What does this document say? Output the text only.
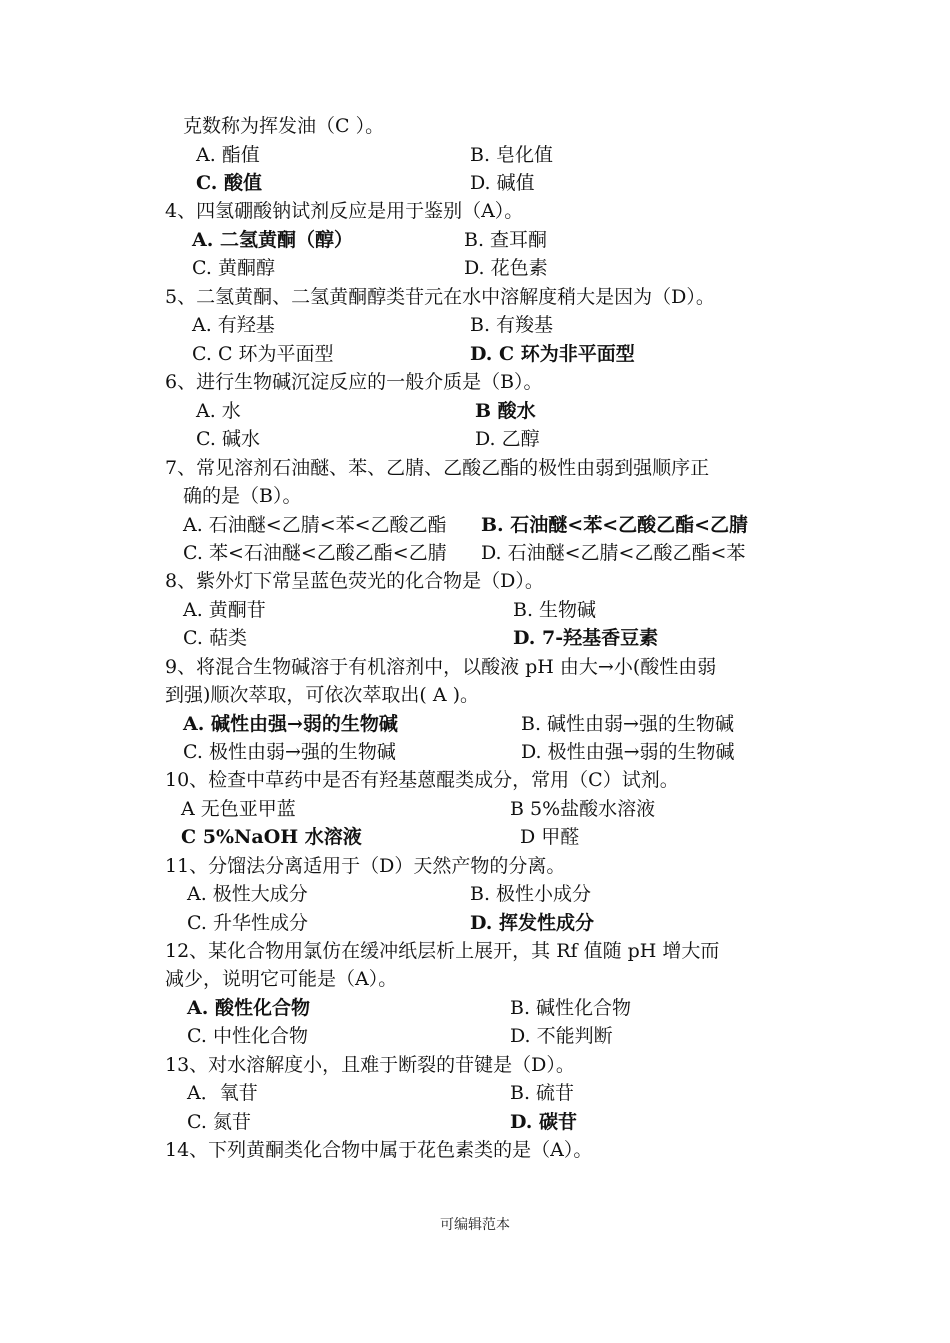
克数称为挥发油（C ）。
A. 酯值	B. 皂化值
C. 酸值	D. 碱值
4、四氢硼酸钠试剂反应是用于鉴别（A）。
A. 二氢黄酮（醇）	B. 查耳酮
C. 黄酮醇	D. 花色素
5、二氢黄酮、二氢黄酮醇类苷元在水中溶解度稍大是因为（D）。
A. 有羟基	B. 有羧基
C. C 环为平面型	D. C 环为非平面型
6、进行生物碱沉淀反应的一般介质是（B）。
A. 水	B 酸水
C. 碱水	D. 乙醇
7、常见溶剂石油醚、苯、乙腈、乙酸乙酯的极性由弱到强顺序正
确的是（B）。
A. 石油醚<乙腈<苯<乙酸乙酯 B. 石油醚<苯<乙酸乙酯<乙腈
C. 苯<石油醚<乙酸乙酯<乙腈 D. 石油醚<乙腈<乙酸乙酯<苯
8、紫外灯下常呈蓝色荧光的化合物是（D）。
A. 黄酮苷	B. 生物碱
C. 萜类	D. 7-羟基香豆素
9、将混合生物碱溶于有机溶剂中，以酸液 pH 由大→小(酸性由弱
到强)顺次萃取，可依次萃取出( A )。
A. 碱性由强→弱的生物碱	B. 碱性由弱→强的生物碱
C. 极性由弱→强的生物碱	D. 极性由强→弱的生物碱
10、检查中草药中是否有羟基蒽醌类成分，常用（C）试剂。
A 无色亚甲蓝	B 5%盐酸水溶液
C 5%NaOH 水溶液	D 甲醛
11、分馏法分离适用于（D）天然产物的分离。
A. 极性大成分	B. 极性小成分
C. 升华性成分	D. 挥发性成分
12、某化合物用氯仿在缓冲纸层析上展开，其 Rf 值随 pH 增大而
减少，说明它可能是（A）。
A. 酸性化合物	B. 碱性化合物
C. 中性化合物	D. 不能判断
13、对水溶解度小，且难于断裂的苷键是（D）。
A．氧苷	B. 硫苷
C. 氮苷	D. 碳苷
14、下列黄酮类化合物中属于花色素类的是（A）。
可编辑范本
